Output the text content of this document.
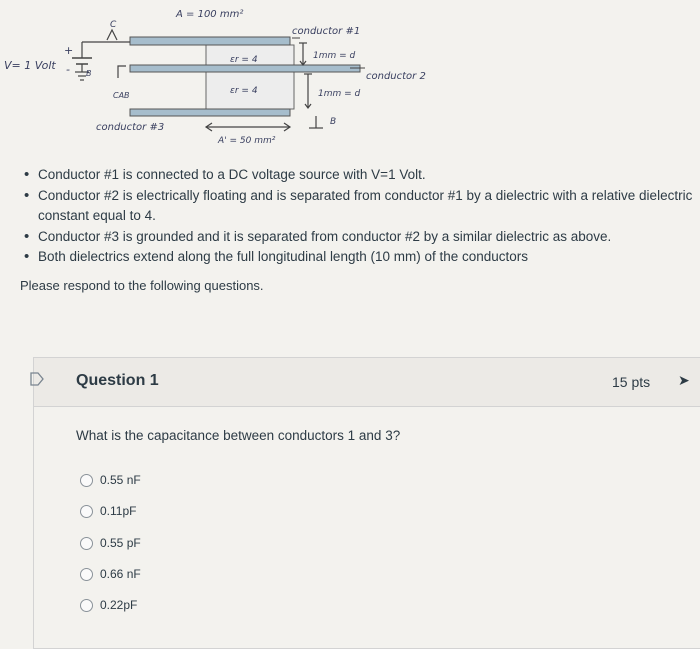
A = 100 mm²
V= 1 Volt
+
-
C
B
CAB
conductor #1
conductor 2
conductor #3
εr = 4
εr = 4
1mm = d
1mm = d
A' = 50 mm²
B
• Conductor #1 is connected to a DC voltage source with V=1 Volt.
• Conductor #2 is electrically floating and is separated from conductor #1 by a dielectric with a relative dielectric constant equal to 4.
• Conductor #3 is grounded and it is separated from conductor #2 by a similar dielectric as above.
• Both dielectrics extend along the full longitudinal length (10 mm) of the conductors
Please respond to the following questions.
Question 1	15 pts ➤
What is the capacitance between conductors 1 and 3?
0.55 nF
0.11pF
0.55 pF
0.66 nF
0.22pF
